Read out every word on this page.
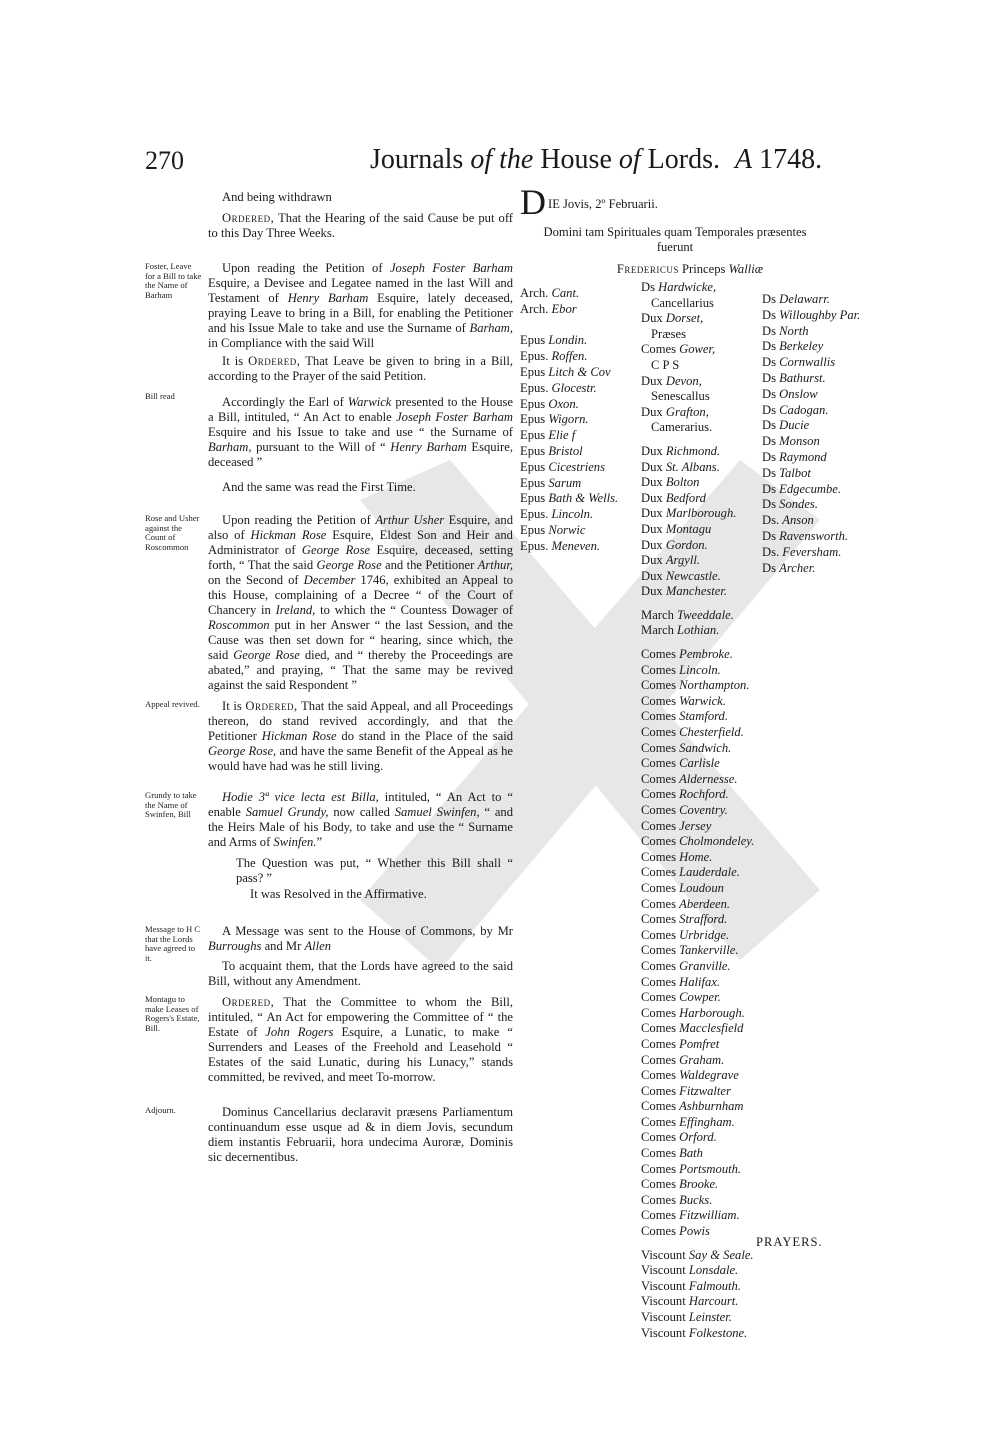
270	Journals of the House of Lords. A 1748.
Foster, Leave for a Bill to take the Name of Barham
Bill read
Rose and Usher against the Count of Roscommon
Appeal revived.
Grundy to take the Name of Swinfen, Bill
Message to H C that the Lords have agreed to it.
Montagu to make Leases of Rogers's Estate, Bill.
Adjourn.

And being withdrawn

Ordered, That the Hearing of the said Cause be put off to this Day Three Weeks.

Upon reading the Petition of Joseph Foster Barham Esquire, a Devisee and Legatee named in the last Will and Testament of Henry Barham Esquire, lately deceased, praying Leave to bring in a Bill, for enabling the Petitioner and his Issue Male to take and use the Surname of Barham, in Compliance with the said Will

It is Ordered, That Leave be given to bring in a Bill, according to the Prayer of the said Petition.

Accordingly the Earl of Warwick presented to the House a Bill, intituled, “ An Act to enable Joseph Foster Barham Esquire and his Issue to take and use “ the Surname of Barham, pursuant to the Will of “ Henry Barham Esquire, deceased ”

And the same was read the First Time.

Upon reading the Petition of Arthur Usher Esquire, and also of Hickman Rose Esquire, Eldest Son and Heir and Administrator of George Rose Esquire, deceased, setting forth, “ That the said George Rose and the Petitioner Arthur, on the Second of December 1746, exhibited an Appeal to this House, complaining of a Decree “ of the Court of Chancery in Ireland, to which the “ Countess Dowager of Roscommon put in her Answer “ the last Session, and the Cause was then set down for “ hearing, since which, the said George Rose died, and “ thereby the Proceedings are abated,” and praying, “ That the same may be revived against the said Respondent ”

It is Ordered, That the said Appeal, and all Proceedings thereon, do stand revived accordingly, and that the Petitioner Hickman Rose do stand in the Place of the said George Rose, and have the same Benefit of the Appeal as he would have had was he still living.

Hodie 3ª vice lecta est Billa, intituled, “ An Act to “ enable Samuel Grundy, now called Samuel Swinfen, “ and the Heirs Male of his Body, to take and use the “ Surname and Arms of Swinfen.”

The Question was put, “ Whether this Bill shall “ pass? ”

It was Resolved in the Affirmative.

A Message was sent to the House of Commons, by Mr Burroughs and Mr Allen

To acquaint them, that the Lords have agreed to the said Bill, without any Amendment.

Ordered, That the Committee to whom the Bill, intituled, “ An Act for empowering the Committee of “ the Estate of John Rogers Esquire, a Lunatic, to make “ Surrenders and Leases of the Freehold and Leasehold “ Estates of the said Lunatic, during his Lunacy,” stands committed, be revived, and meet To-morrow.

Dominus Cancellarius declaravit præsens Parliamentum continuandum esse usque ad & in diem Jovis, secundum diem instantis Februarii, hora undecima Auroræ, Dominis sic decernentibus.

D IE Jovis, 2º Februarii.
Domini tam Spirituales quam Temporales præsentes fuerunt
Fredericus Princeps Walliæ
Arch. Cant.
Arch. Ebor
Epus Londin.
Epus. Roffen.
Epus Litch & Cov
Epus. Glocestr.
Epus Oxon.
Epus Wigorn.
Epus Elie f
Epus Bristol
Epus Cicestriens
Epus Sarum
Epus Bath & Wells.
Epus. Lincoln.
Epus Norwic
Epus. Meneven.
Ds Hardwicke,
Cancellarius
Dux Dorset,
Præses
Comes Gower,
C P S
Dux Devon,
Senescallus
Dux Grafton,
Camerarius.
Dux Richmond.
Dux St. Albans.
Dux Bolton
Dux Bedford
Dux Marlborough.
Dux Montagu
Dux Gordon.
Dux Argyll.
Dux Newcastle.
Dux Manchester.
March Tweeddale.
March Lothian.
Comes Pembroke.
Comes Lincoln.
Comes Northampton.
Comes Warwick.
Comes Stamford.
Comes Chesterfield.
Comes Sandwich.
Comes Carlisle
Comes Aldernesse.
Comes Rochford.
Comes Coventry.
Comes Jersey
Comes Cholmondeley.
Comes Home.
Comes Lauderdale.
Comes Loudoun
Comes Aberdeen.
Comes Strafford.
Comes Urbridge.
Comes Tankerville.
Comes Granville.
Comes Halifax.
Comes Cowper.
Comes Harborough.
Comes Macclesfield
Comes Pomfret
Comes Graham.
Comes Waldegrave
Comes Fitzwalter
Comes Ashburnham
Comes Effingham.
Comes Orford.
Comes Bath
Comes Portsmouth.
Comes Brooke.
Comes Bucks.
Comes Fitzwilliam.
Comes Powis
Viscount Say & Seale.
Viscount Lonsdale.
Viscount Falmouth.
Viscount Harcourt.
Viscount Leinster.
Viscount Folkestone.
Ds Delawarr.
Ds Willoughby Par.
Ds North
Ds Berkeley
Ds Cornwallis
Ds Bathurst.
Ds Onslow
Ds Cadogan.
Ds Ducie
Ds Monson
Ds Raymond
Ds Talbot
Ds Edgecumbe.
Ds Sondes.
Ds. Anson
Ds Ravensworth.
Ds. Feversham.
Ds Archer.
PRAYERS.
